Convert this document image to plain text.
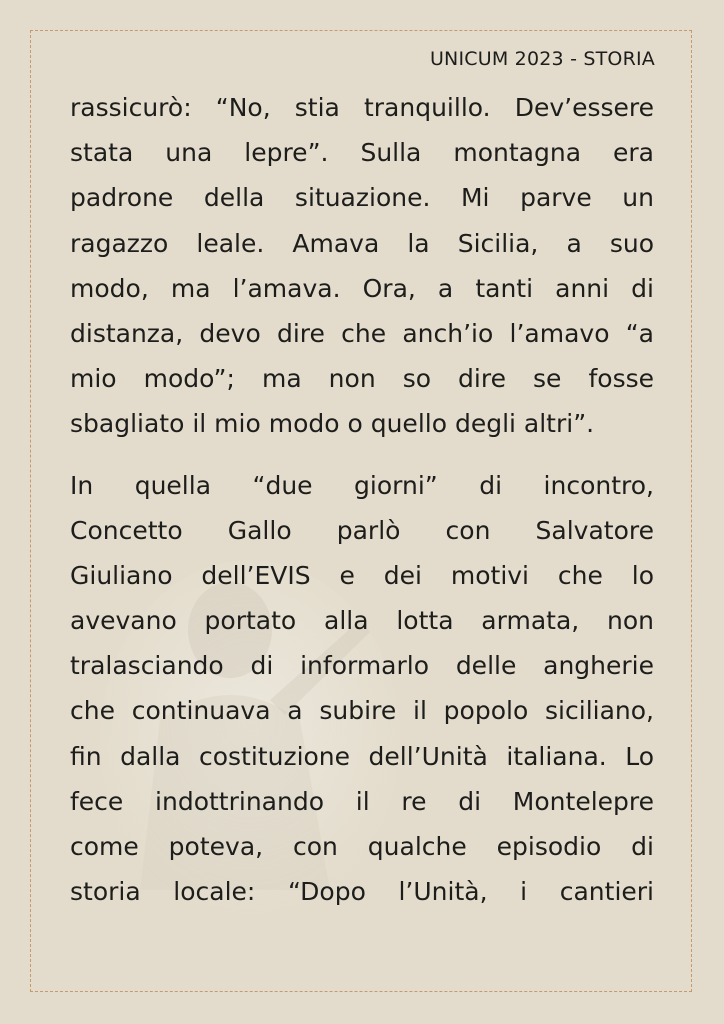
UNICUM 2023 - STORIA

rassicurò: “No, stia tranquillo. Dev’essere
stata una lepre”. Sulla montagna era
padrone della situazione. Mi parve un
ragazzo leale. Amava la Sicilia, a suo
modo, ma l’amava. Ora, a tanti anni di
distanza, devo dire che anch’io l’amavo “a
mio modo”; ma non so dire se fosse
sbagliato il mio modo o quello degli altri”.

In quella “due giorni” di incontro,
Concetto Gallo parlò con Salvatore
Giuliano dell’EVIS e dei motivi che lo
avevano portato alla lotta armata, non
tralasciando di informarlo delle angherie
che continuava a subire il popolo siciliano,
fin dalla costituzione dell’Unità italiana. Lo
fece indottrinando il re di Montelepre
come poteva, con qualche episodio di
storia locale: “Dopo l’Unità, i cantieri
